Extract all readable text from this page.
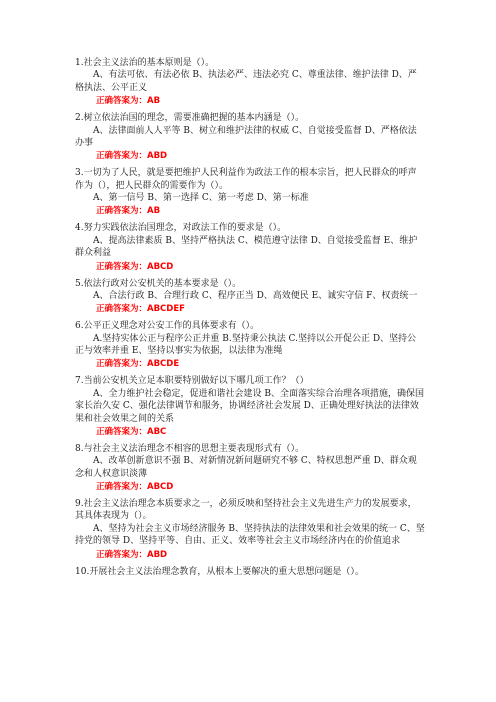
1.社会主义法治的基本原则是（）。

A、有法可依、有法必依 B、执法必严、违法必究 C、尊重法律、维护法律 D、严格执法、公平正义

正确答案为：AB

2.树立依法治国的理念，需要准确把握的基本内涵是（）。

A、法律面前人人平等 B、树立和维护法律的权威 C、自觉接受监督 D、严格依法办事

正确答案为：ABD

3.一切为了人民，就是要把维护人民利益作为政法工作的根本宗旨，把人民群众的呼声作为（），把人民群众的需要作为（）。

A、第一信号 B、第一选择 C、第一考虑 D、第一标准

正确答案为：AB

4.努力实践依法治国理念，对政法工作的要求是（）。

A、提高法律素质 B、坚持严格执法 C、模范遵守法律 D、自觉接受监督 E、维护群众利益

正确答案为：ABCD

5.依法行政对公安机关的基本要求是（）。

A、合法行政 B、合理行政 C、程序正当 D、高效便民 E、诚实守信 F、权责统一

正确答案为：ABCDEF

6.公平正义理念对公安工作的具体要求有（）。

A.坚持实体公正与程序公正并重 B.坚持秉公执法 C.坚持以公开促公正 D、坚持公正与效率并重 E、坚持以事实为依据，以法律为准绳

正确答案为：ABCDE

7.当前公安机关立足本职要特别做好以下哪几项工作？（）

A、全力维护社会稳定，促进和谐社会建设 B、全面落实综合治理各项措施，确保国家长治久安 C、强化法律调节和服务，协调经济社会发展 D、正确处理好执法的法律效果和社会效果之间的关系

正确答案为：ABC

8.与社会主义法治理念不相容的思想主要表现形式有（）。

A、改革创新意识不强 B、对新情况新问题研究不够 C、特权思想严重 D、群众观念和人权意识淡薄

正确答案为：ABCD

9.社会主义法治理念本质要求之一，必须反映和坚持社会主义先进生产力的发展要求，其具体表现为（）。

A、坚持为社会主义市场经济服务 B、坚持执法的法律效果和社会效果的统一 C、坚持党的领导 D、坚持平等、自由、正义、效率等社会主义市场经济内在的价值追求

正确答案为：ABD

10.开展社会主义法治理念教育，从根本上要解决的重大思想问题是（）。
